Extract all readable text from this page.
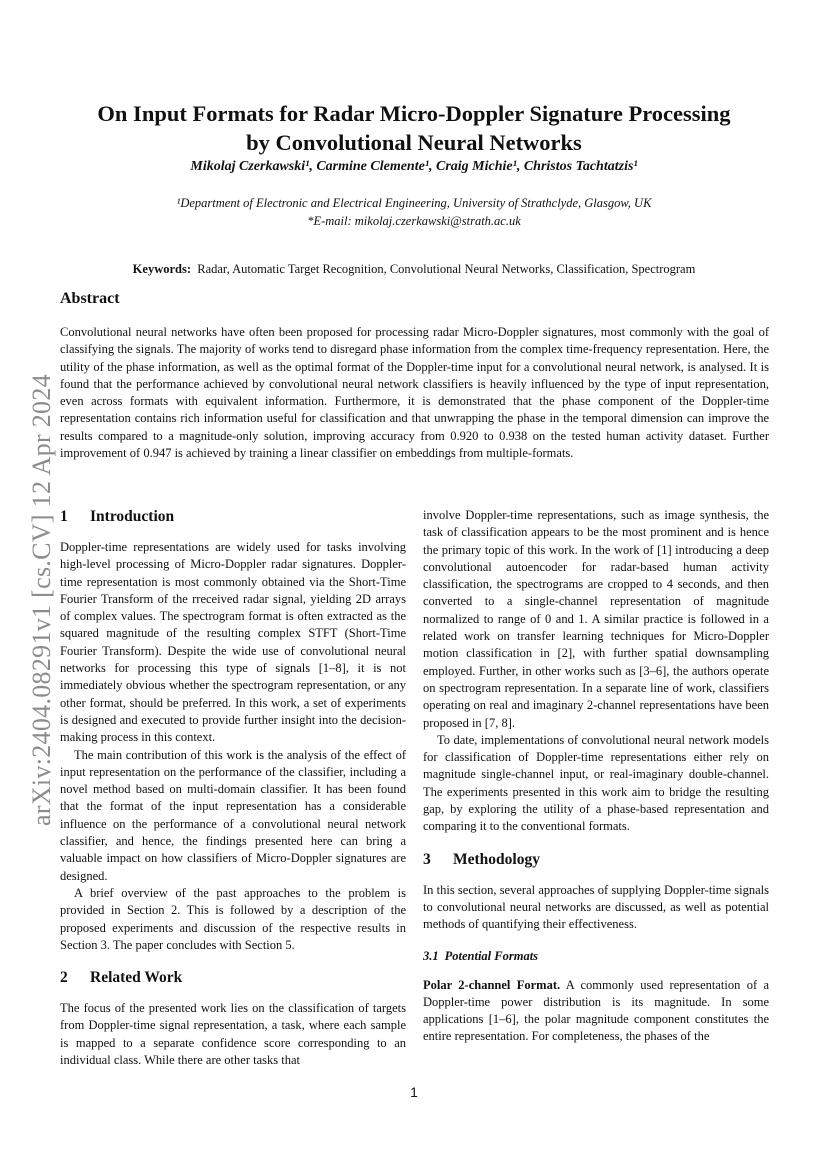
arXiv:2404.08291v1 [cs.CV] 12 Apr 2024
On Input Formats for Radar Micro-Doppler Signature Processing by Convolutional Neural Networks
Mikolaj Czerkawski¹, Carmine Clemente¹, Craig Michie¹, Christos Tachtatzis¹
¹Department of Electronic and Electrical Engineering, University of Strathclyde, Glasgow, UK
*E-mail: mikolaj.czerkawski@strath.ac.uk
Keywords: Radar, Automatic Target Recognition, Convolutional Neural Networks, Classification, Spectrogram
Abstract

Convolutional neural networks have often been proposed for processing radar Micro-Doppler signatures, most commonly with the goal of classifying the signals. The majority of works tend to disregard phase information from the complex time-frequency representation. Here, the utility of the phase information, as well as the optimal format of the Doppler-time input for a convolutional neural network, is analysed. It is found that the performance achieved by convolutional neural network classifiers is heavily influenced by the type of input representation, even across formats with equivalent information. Furthermore, it is demonstrated that the phase component of the Doppler-time representation contains rich information useful for classification and that unwrapping the phase in the temporal dimension can improve the results compared to a magnitude-only solution, improving accuracy from 0.920 to 0.938 on the tested human activity dataset. Further improvement of 0.947 is achieved by training a linear classifier on embeddings from multiple-formats.

1 Introduction

Doppler-time representations are widely used for tasks involving high-level processing of Micro-Doppler radar signatures. Doppler-time representation is most commonly obtained via the Short-Time Fourier Transform of the rreceived radar signal, yielding 2D arrays of complex values. The spectrogram format is often extracted as the squared magnitude of the resulting complex STFT (Short-Time Fourier Transform). Despite the wide use of convolutional neural networks for processing this type of signals [1–8], it is not immediately obvious whether the spectrogram representation, or any other format, should be preferred. In this work, a set of experiments is designed and executed to provide further insight into the decision-making process in this context.

The main contribution of this work is the analysis of the effect of input representation on the performance of the classifier, including a novel method based on multi-domain classifier. It has been found that the format of the input representation has a considerable influence on the performance of a convolutional neural network classifier, and hence, the findings presented here can bring a valuable impact on how classifiers of Micro-Doppler signatures are designed.

A brief overview of the past approaches to the problem is provided in Section 2. This is followed by a description of the proposed experiments and discussion of the respective results in Section 3. The paper concludes with Section 5.

2 Related Work

The focus of the presented work lies on the classification of targets from Doppler-time signal representation, a task, where each sample is mapped to a separate confidence score corresponding to an individual class. While there are other tasks that

involve Doppler-time representations, such as image synthesis, the task of classification appears to be the most prominent and is hence the primary topic of this work. In the work of [1] introducing a deep convolutional autoencoder for radar-based human activity classification, the spectrograms are cropped to 4 seconds, and then converted to a single-channel representation of magnitude normalized to range of 0 and 1. A similar practice is followed in a related work on transfer learning techniques for Micro-Doppler motion classification in [2], with further spatial downsampling employed. Further, in other works such as [3–6], the authors operate on spectrogram representation. In a separate line of work, classifiers operating on real and imaginary 2-channel representations have been proposed in [7, 8].

To date, implementations of convolutional neural network models for classification of Doppler-time representations either rely on magnitude single-channel input, or real-imaginary double-channel. The experiments presented in this work aim to bridge the resulting gap, by exploring the utility of a phase-based representation and comparing it to the conventional formats.

3 Methodology

In this section, several approaches of supplying Doppler-time signals to convolutional neural networks are discussed, as well as potential methods of quantifying their effectiveness.

3.1 Potential Formats

Polar 2-channel Format. A commonly used representation of a Doppler-time power distribution is its magnitude. In some applications [1–6], the polar magnitude component constitutes the entire representation. For completeness, the phases of the

1
